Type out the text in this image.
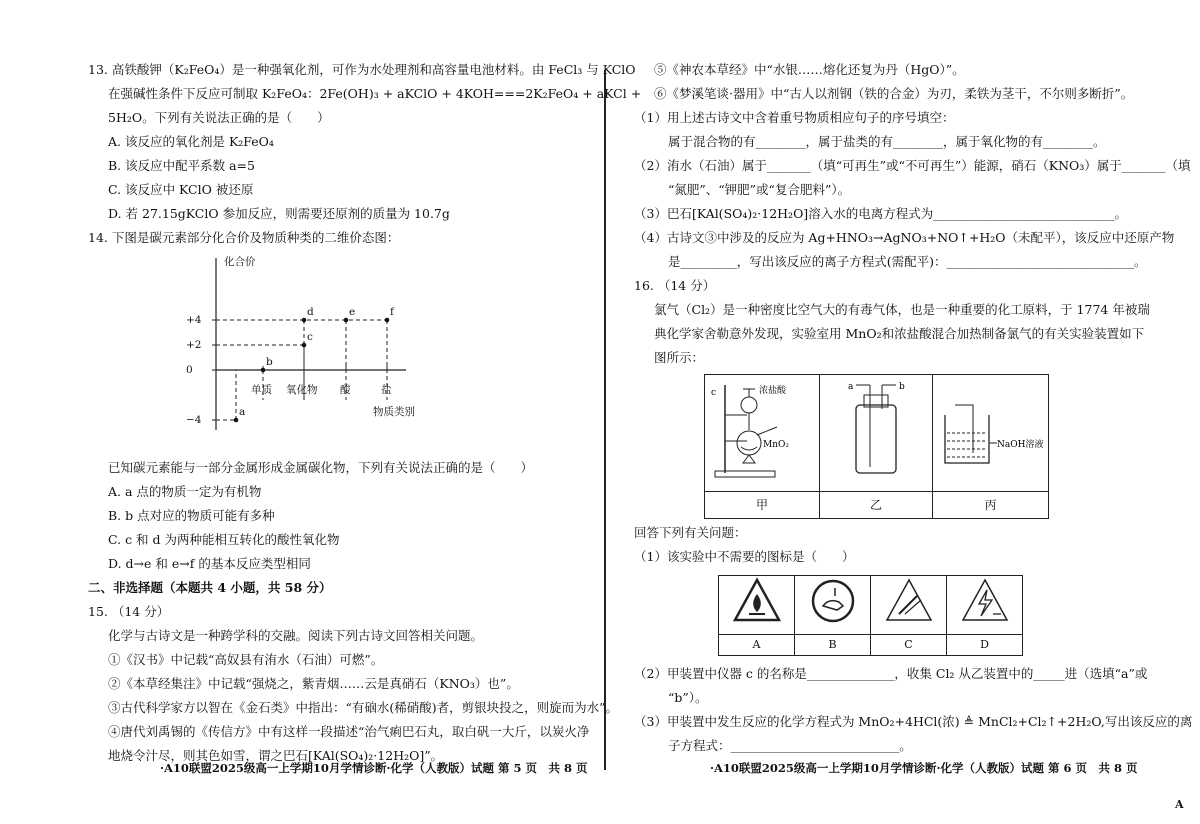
13. 高铁酸钾（K₂FeO₄）是一种强氧化剂，可作为水处理剂和高容量电池材料。由 FeCl₃ 与 KClO
在强碱性条件下反应可制取 K₂FeO₄：2Fe(OH)₃ + aKClO + 4KOH===2K₂FeO₄ + aKCl +
5H₂O。下列有关说法正确的是（　　）
A. 该反应的氧化剂是 K₂FeO₄
B. 该反应中配平系数 a=5
C. 该反应中 KClO 被还原
D. 若 27.15gKClO 参加反应，则需要还原剂的质量为 10.7g
14. 下图是碳元素部分化合价及物质种类的二维价态图：
+4
+2
0
−4
化合价
单质 氧化物 酸	盐
物质类别
a
b
c
d	e	f
已知碳元素能与一部分金属形成金属碳化物，下列有关说法正确的是（　　）
A. a 点的物质一定为有机物
B. b 点对应的物质可能有多种
C. c 和 d 为两种能相互转化的酸性氧化物
D. d→e 和 e→f 的基本反应类型相同
二、非选择题（本题共 4 小题，共 58 分）
15. （14 分）
化学与古诗文是一种跨学科的交融。阅读下列古诗文回答相关问题。
①《汉书》中记载“高奴县有洧水（石油）可燃”。
②《本草经集注》中记载“强烧之，紫青烟……云是真硝石（KNO₃）也”。
③古代科学家方以智在《金石类》中指出：“有硇水(稀硝酸)者，剪银块投之，则旋而为水”。
④唐代刘禹锡的《传信方》中有这样一段描述“治气痢巴石丸，取白矾一大斤，以炭火净
地烧令汁尽，则其色如雪，谓之巴石[KAl(SO₄)₂·12H₂O]”。
⑤《神农本草经》中“水银……熔化还复为丹（HgO）”。
⑥《梦溪笔谈·器用》中“古人以剂钢（铁的合金）为刃，柔铁为茎干，不尔则多断折”。
（1）用上述古诗文中含着重号物质相应句子的序号填空：
属于混合物的有________，属于盐类的有________，属于氧化物的有________。
（2）洧水（石油）属于_______（填“可再生”或“不可再生”）能源，硝石（KNO₃）属于_______（填
“氮肥”、“钾肥”或“复合肥料”）。
（3）巴石[KAl(SO₄)₂·12H₂O]溶入水的电离方程式为_____________________________。
（4）古诗文③中涉及的反应为 Ag+HNO₃→AgNO₃+NO↑+H₂O（未配平），该反应中还原产物
是_________，写出该反应的离子方程式(需配平)：______________________________。
16. （14 分）
氯气（Cl₂）是一种密度比空气大的有毒气体，也是一种重要的化工原料，于 1774 年被瑞
典化学家舍勒意外发现，实验室用 MnO₂和浓盐酸混合加热制备氯气的有关实验装置如下
图所示：
c 浓盐酸
MnO₂	a b	NaOH溶液

甲	乙	丙
回答下列有关问题：
（1）该实验中不需要的图标是（　　）

A	B	C	D
（2）甲装置中仪器 c 的名称是______________，收集 Cl₂ 从乙装置中的_____进（选填“a”或
“b”）。
（3）甲装置中发生反应的化学方程式为 MnO₂+4HCl(浓) ≜ MnCl₂+Cl₂↑+2H₂O,写出该反应的离
子方程式：___________________________。
·A10联盟2025级高一上学期10月学情诊断·化学（人教版）试题 第 5 页　共 8 页	·A10联盟2025级高一上学期10月学情诊断·化学（人教版）试题 第 6 页　共 8 页
A
